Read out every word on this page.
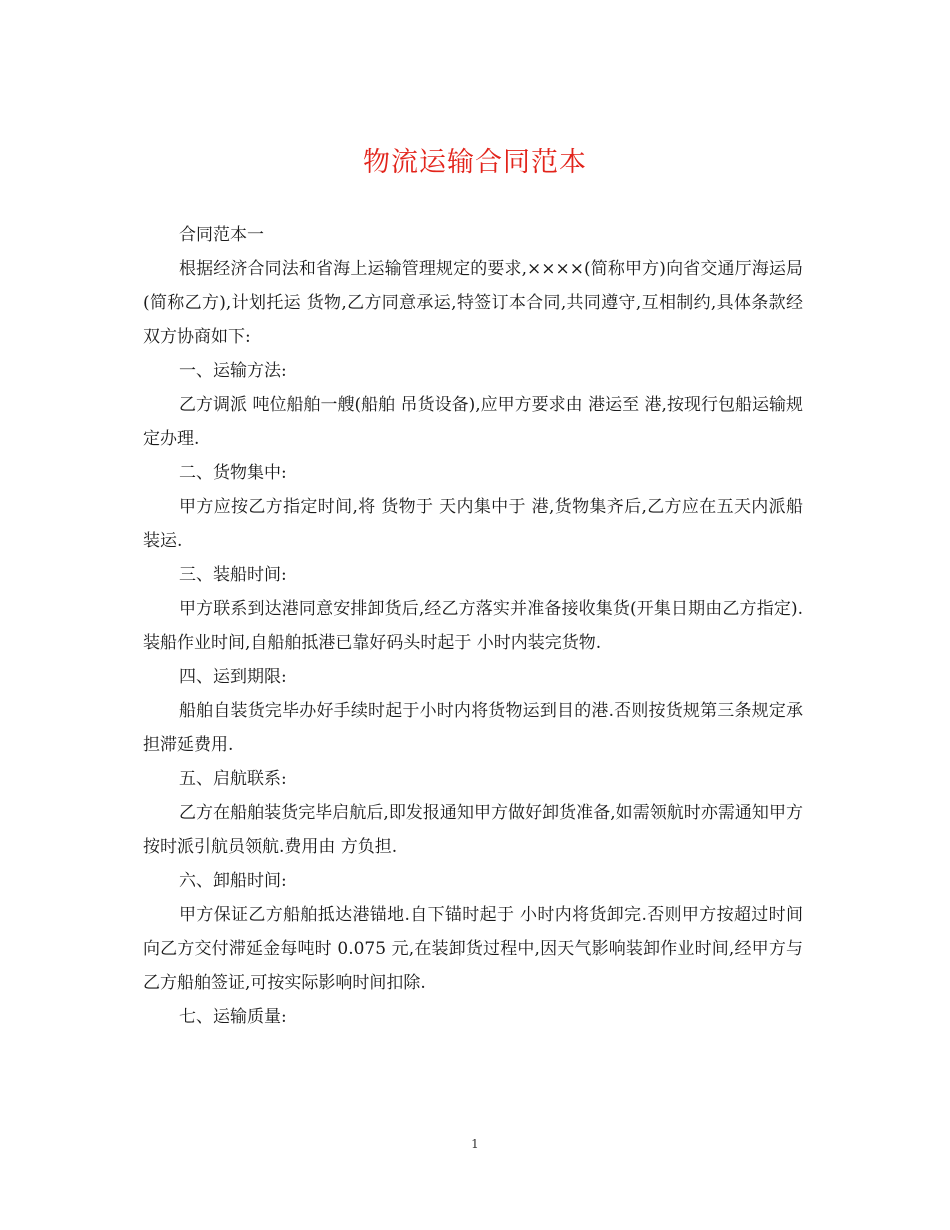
物流运输合同范本

合同范本一

根据经济合同法和省海上运输管理规定的要求,××××(简称甲方)向省交通厅海运局(简称乙方),计划托运 货物,乙方同意承运,特签订本合同,共同遵守,互相制约,具体条款经双方协商如下:

一、运输方法:

乙方调派 吨位船舶一艘(船舶 吊货设备),应甲方要求由 港运至 港,按现行包船运输规定办理.

二、货物集中:

甲方应按乙方指定时间,将 货物于 天内集中于 港,货物集齐后,乙方应在五天内派船装运.

三、装船时间:

甲方联系到达港同意安排卸货后,经乙方落实并准备接收集货(开集日期由乙方指定).装船作业时间,自船舶抵港已靠好码头时起于 小时内装完货物.

四、运到期限:

船舶自装货完毕办好手续时起于小时内将货物运到目的港.否则按货规第三条规定承担滞延费用.

五、启航联系:

乙方在船舶装货完毕启航后,即发报通知甲方做好卸货准备,如需领航时亦需通知甲方按时派引航员领航.费用由 方负担.

六、卸船时间:

甲方保证乙方船舶抵达港锚地.自下锚时起于 小时内将货卸完.否则甲方按超过时间向乙方交付滞延金每吨时 0.075 元,在装卸货过程中,因天气影响装卸作业时间,经甲方与乙方船舶签证,可按实际影响时间扣除.

七、运输质量:

1
